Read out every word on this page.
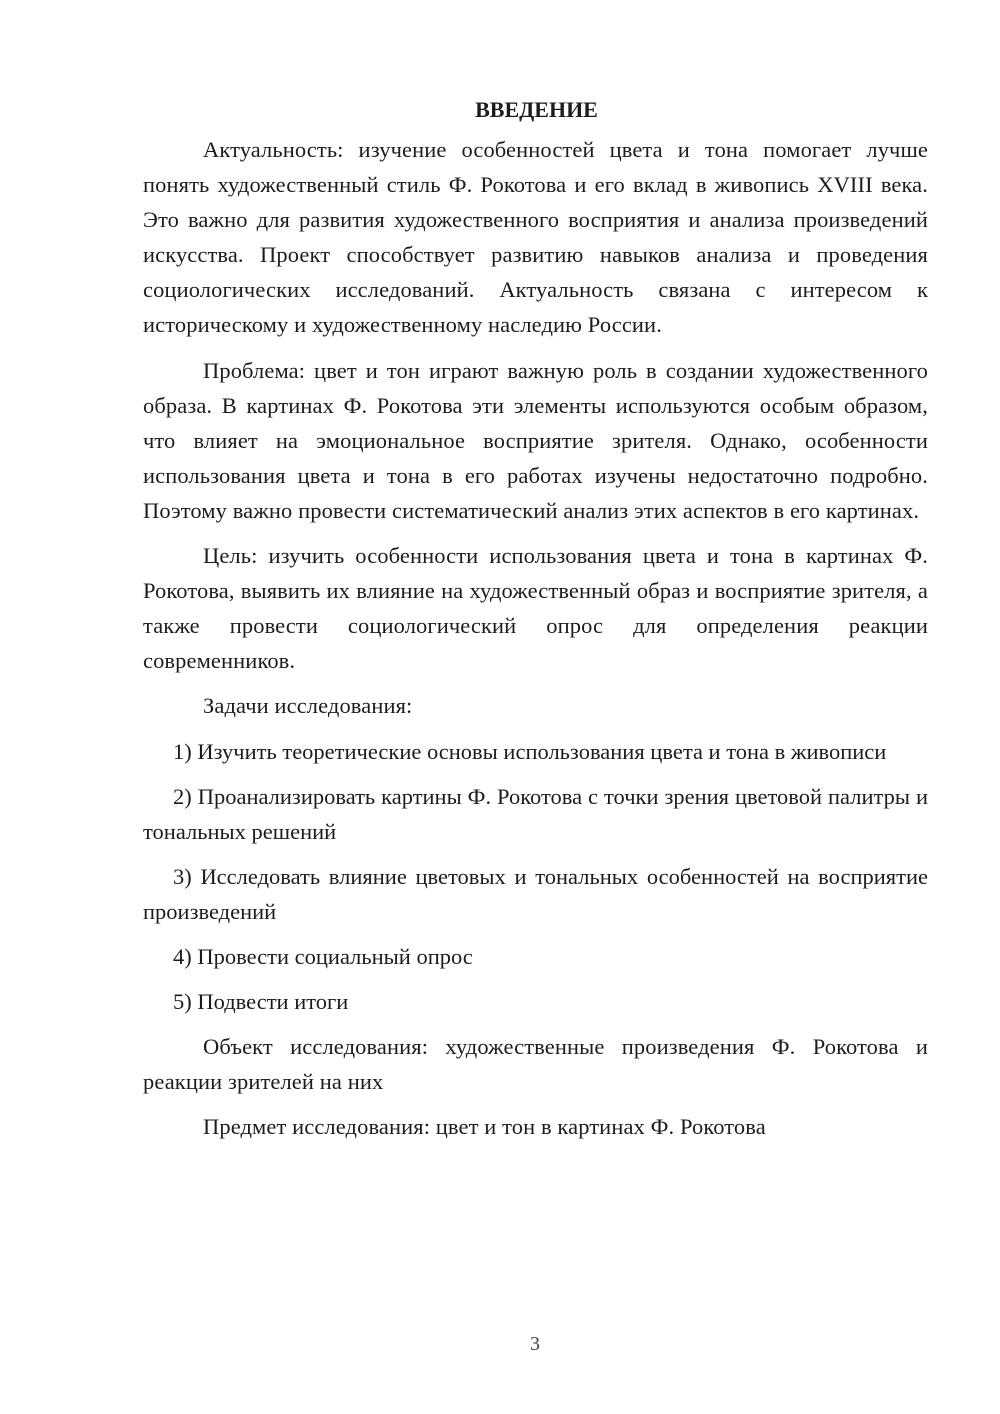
ВВЕДЕНИЕ

Актуальность: изучение особенностей цвета и тона помогает лучше понять художественный стиль Ф. Рокотова и его вклад в живопись XVIII века. Это важно для развития художественного восприятия и анализа произведений искусства. Проект способствует развитию навыков анализа и проведения социологических исследований. Актуальность связана с интересом к историческому и художественному наследию России.

Проблема: цвет и тон играют важную роль в создании художественного образа. В картинах Ф. Рокотова эти элементы используются особым образом, что влияет на эмоциональное восприятие зрителя. Однако, особенности использования цвета и тона в его работах изучены недостаточно подробно. Поэтому важно провести систематический анализ этих аспектов в его картинах.

Цель: изучить особенности использования цвета и тона в картинах Ф. Рокотова, выявить их влияние на художественный образ и восприятие зрителя, а также провести социологический опрос для определения реакции современников.

Задачи исследования:

1) Изучить теоретические основы использования цвета и тона в живописи

2) Проанализировать картины Ф. Рокотова с точки зрения цветовой палитры и тональных решений

3) Исследовать влияние цветовых и тональных особенностей на восприятие произведений

4) Провести социальный опрос

5) Подвести итоги

Объект исследования: художественные произведения Ф. Рокотова и реакции зрителей на них

Предмет исследования: цвет и тон в картинах Ф. Рокотова

3
